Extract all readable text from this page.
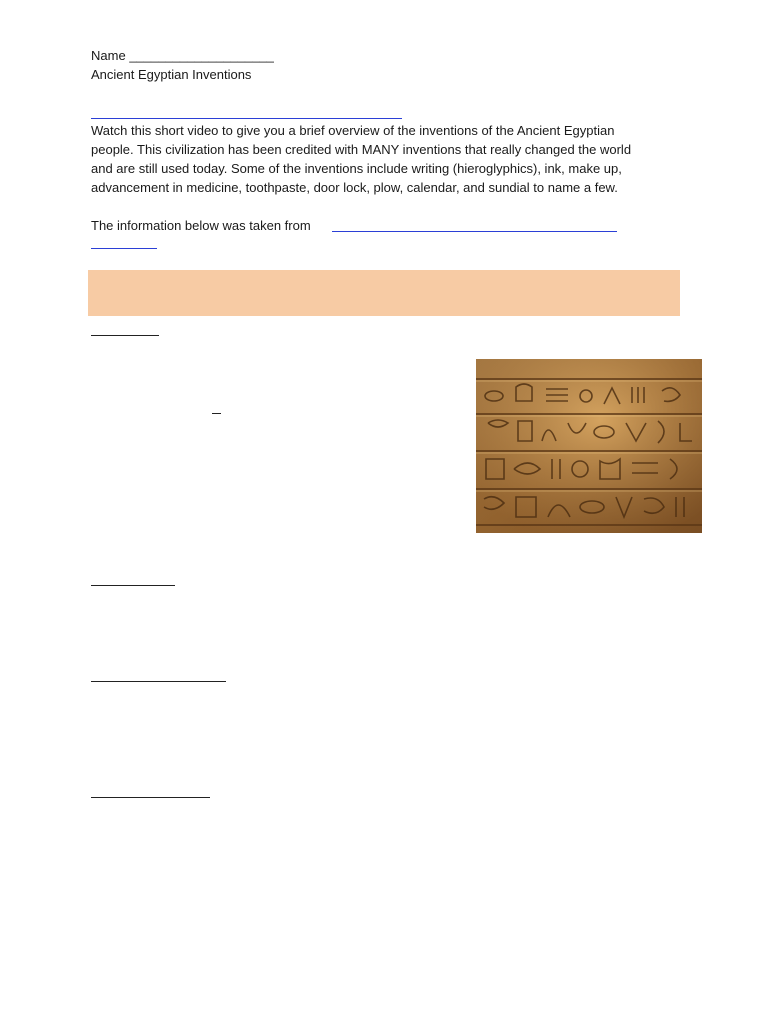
Name ____________________
Ancient Egyptian Inventions
Watch this short video to give you a brief overview of the inventions of the Ancient Egyptian
people. This civilization has been credited with MANY inventions that really changed the world
and are still used today. Some of the inventions include writing (hieroglyphics), ink, make up,
advancement in medicine, toothpaste, door lock, plow, calendar, and sundial to name a few.
The information below was taken from
